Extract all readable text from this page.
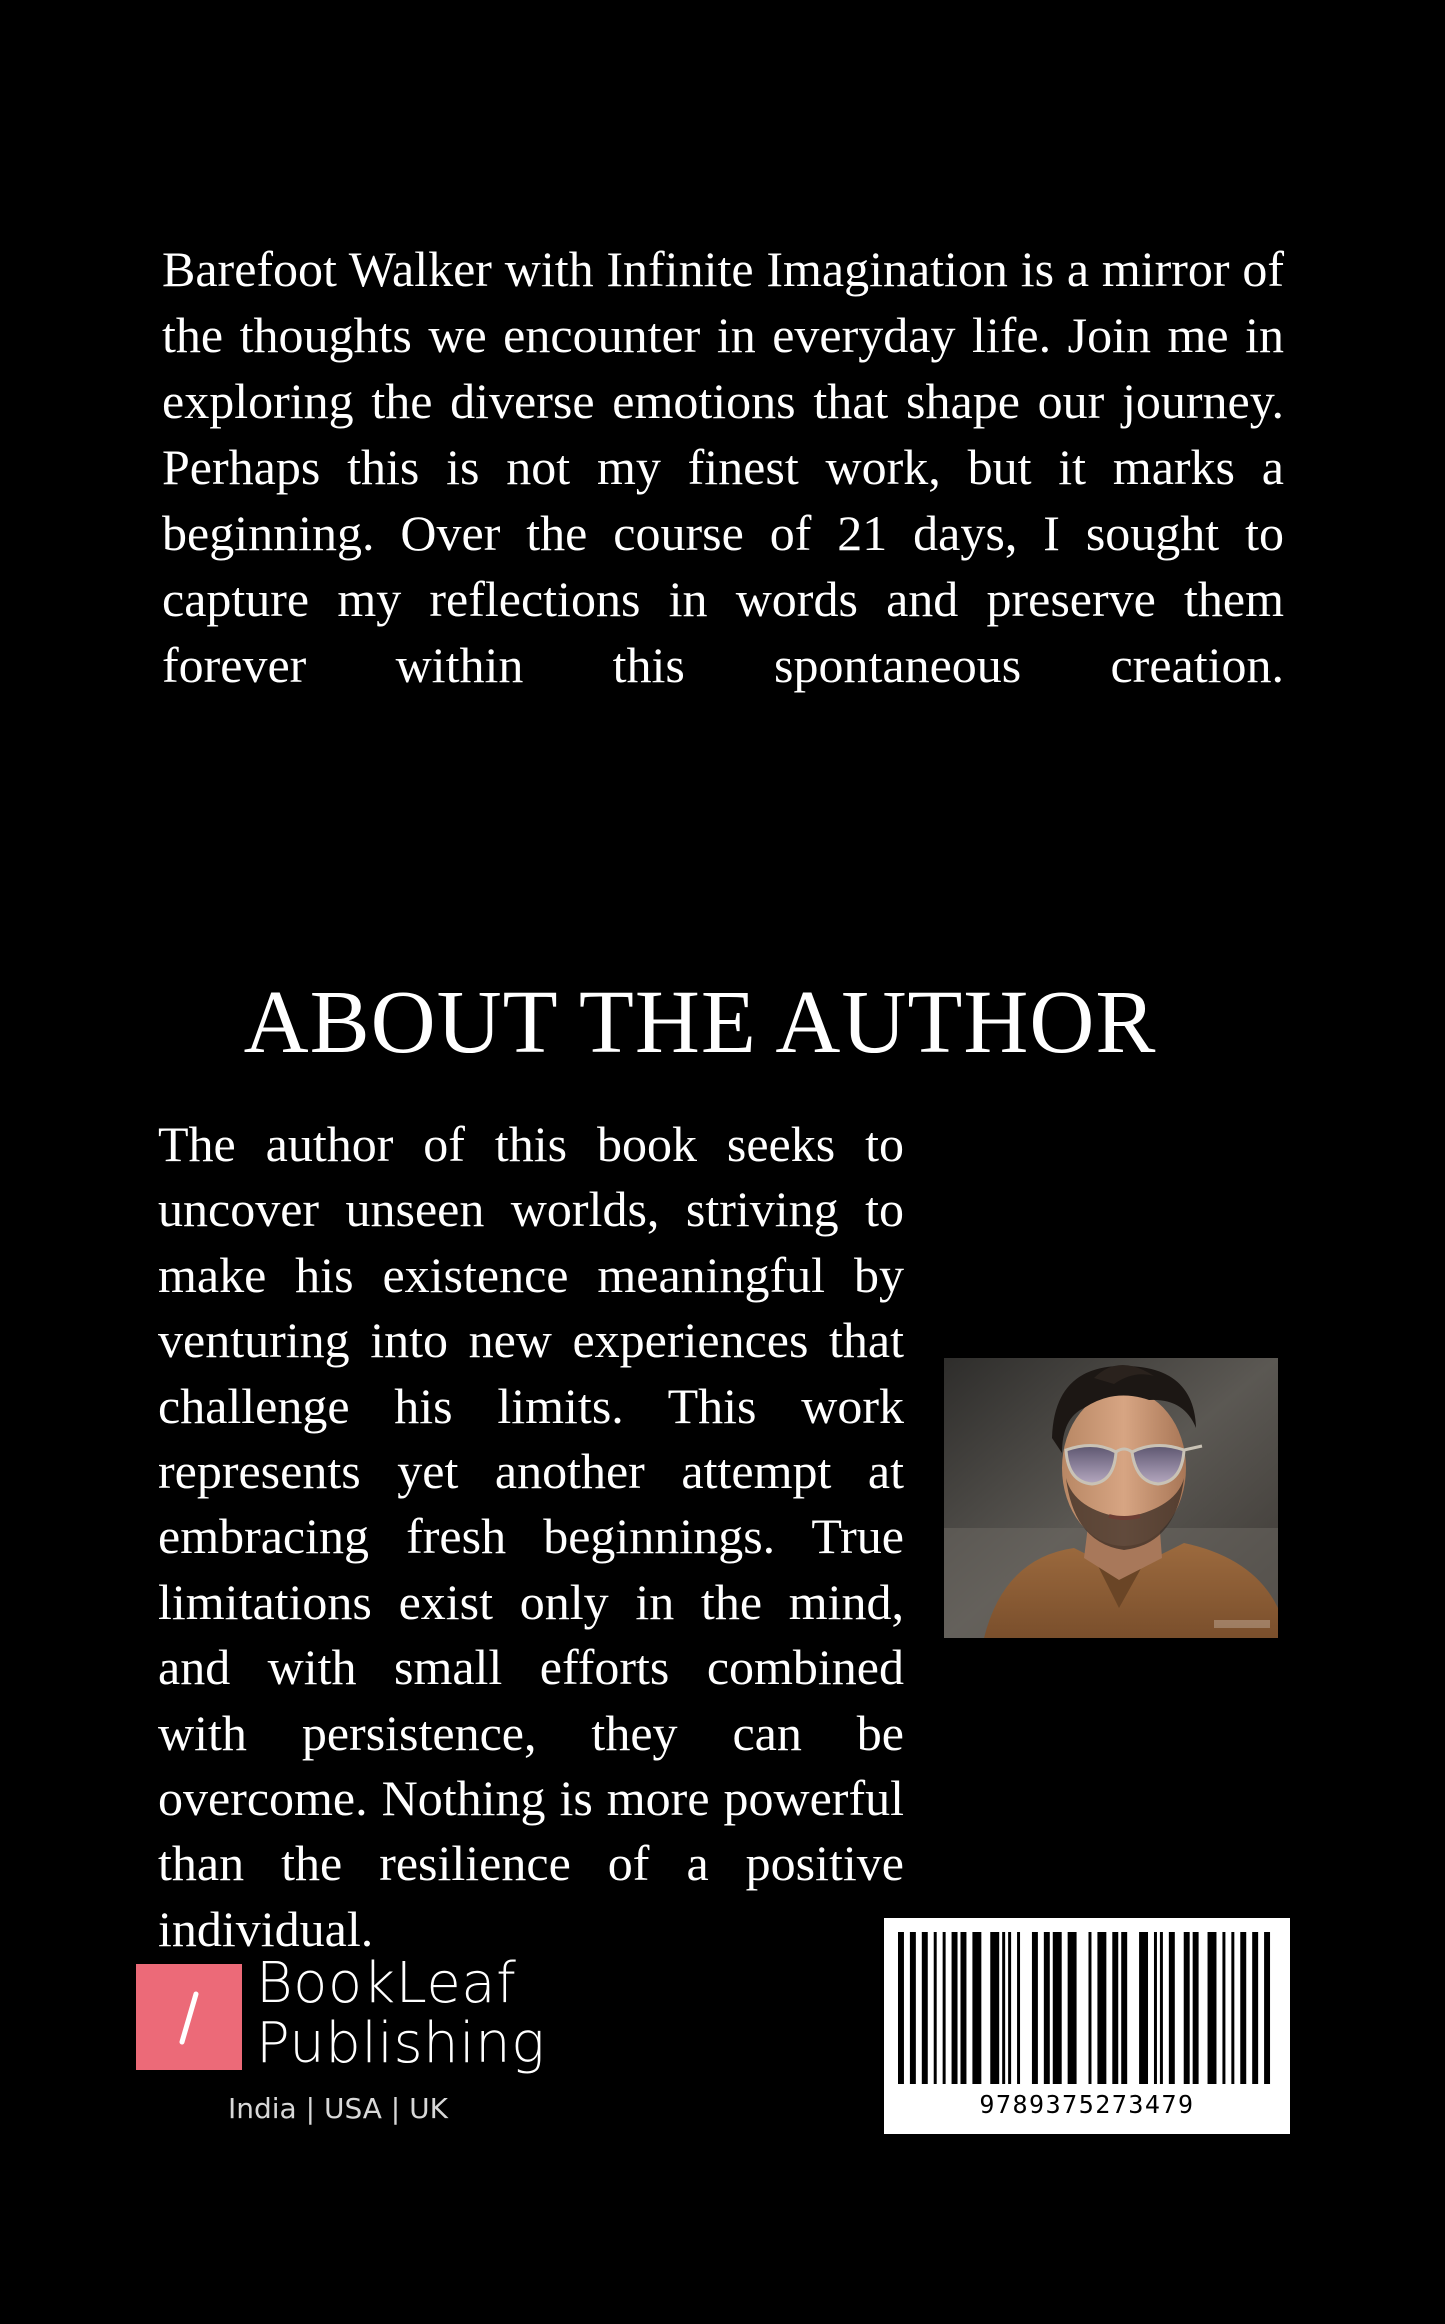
Barefoot Walker with Infinite Imagination is a mirror of the thoughts we encounter in everyday life. Join me in exploring the diverse emotions that shape our journey. Perhaps this is not my finest work, but it marks a beginning. Over the course of 21 days, I sought to capture my reflections in words and preserve them forever within this spontaneous creation.

ABOUT THE AUTHOR

The author of this book seeks to uncover unseen worlds, striving to make his existence meaningful by venturing into new experiences that challenge his limits. This work represents yet another attempt at embracing fresh beginnings. True limitations exist only in the mind, and with small efforts combined with persistence, they can be overcome. Nothing is more powerful than the resilience of a positive individual.

BookLeaf
Publishing
India | USA | UK	9789375273479
